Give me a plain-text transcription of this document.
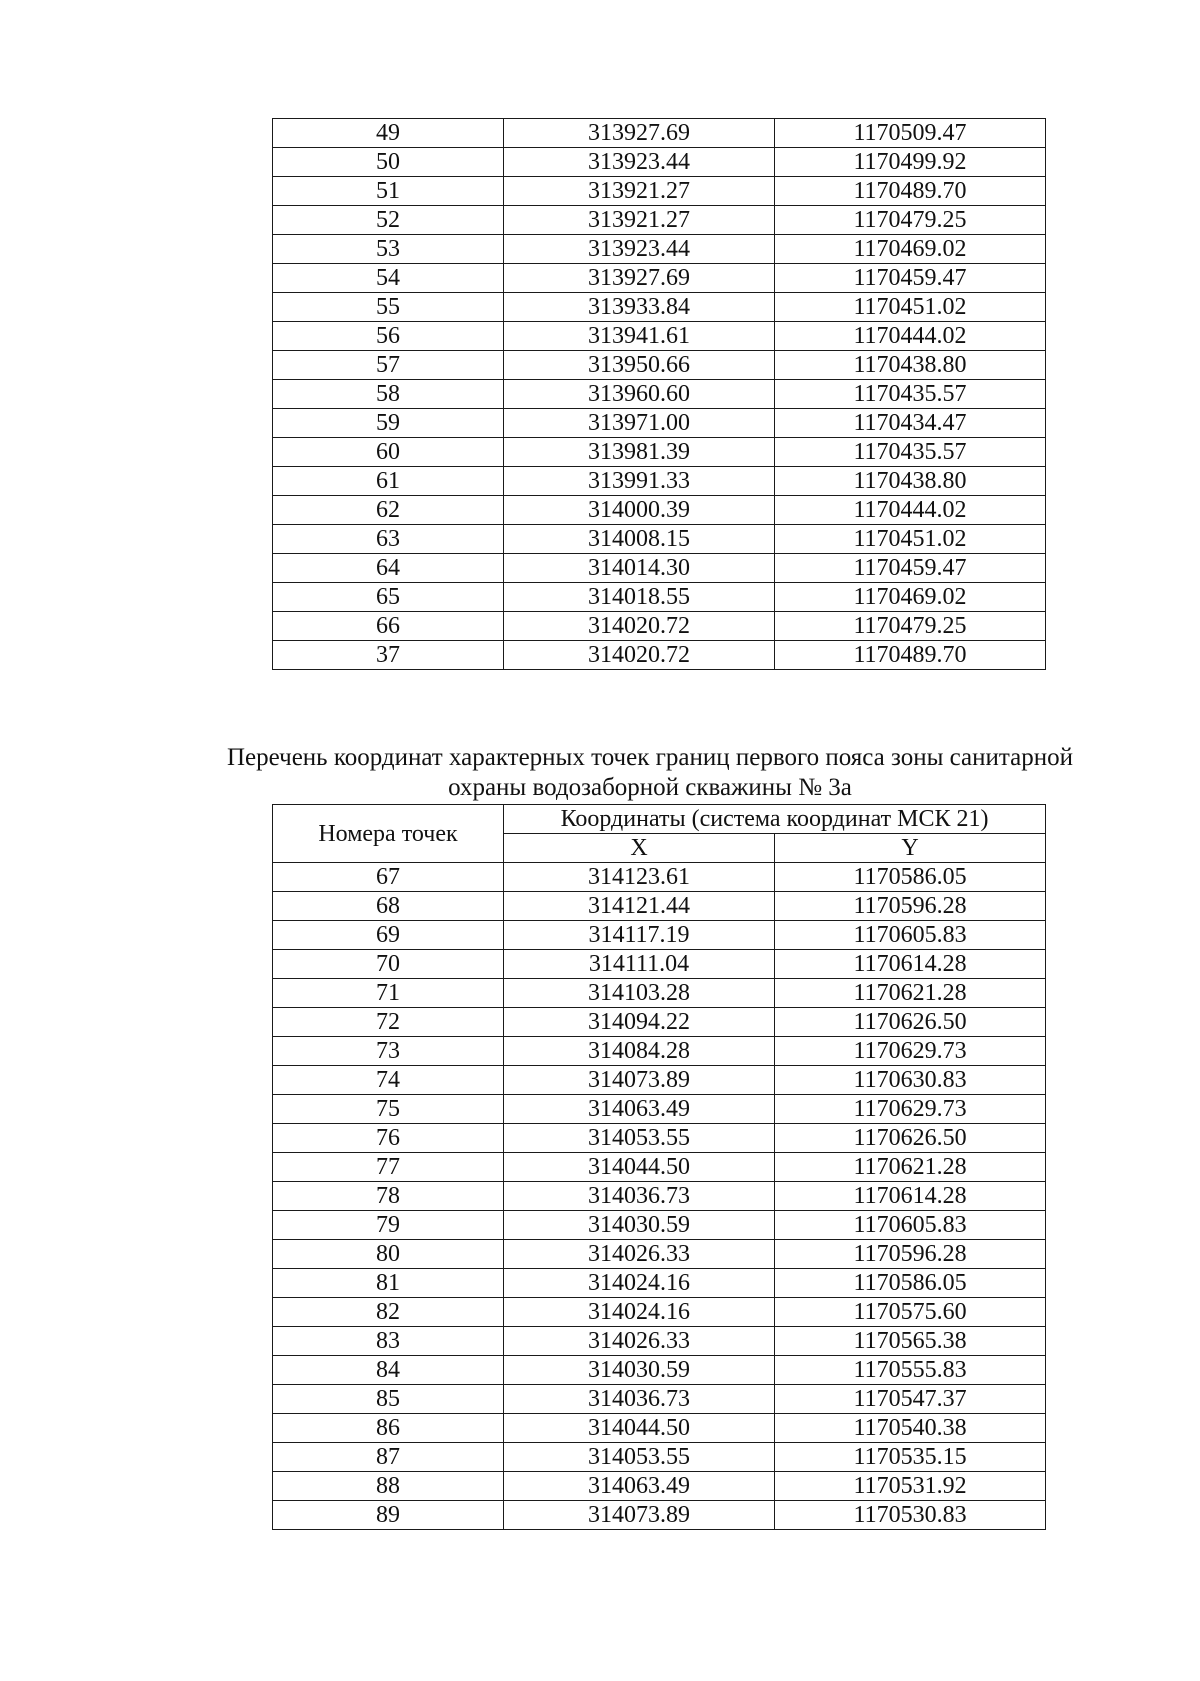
49	313927.69	1170509.47
50	313923.44	1170499.92
51	313921.27	1170489.70
52	313921.27	1170479.25
53	313923.44	1170469.02
54	313927.69	1170459.47
55	313933.84	1170451.02
56	313941.61	1170444.02
57	313950.66	1170438.80
58	313960.60	1170435.57
59	313971.00	1170434.47
60	313981.39	1170435.57
61	313991.33	1170438.80
62	314000.39	1170444.02
63	314008.15	1170451.02
64	314014.30	1170459.47
65	314018.55	1170469.02
66	314020.72	1170479.25
37	314020.72	1170489.70
Перечень координат характерных точек границ первого пояса зоны санитарной
охраны водозаборной скважины № 3а
Номера точек	Координаты (система координат МСК 21)	
	X	Y
67	314123.61	1170586.05
68	314121.44	1170596.28
69	314117.19	1170605.83
70	314111.04	1170614.28
71	314103.28	1170621.28
72	314094.22	1170626.50
73	314084.28	1170629.73
74	314073.89	1170630.83
75	314063.49	1170629.73
76	314053.55	1170626.50
77	314044.50	1170621.28
78	314036.73	1170614.28
79	314030.59	1170605.83
80	314026.33	1170596.28
81	314024.16	1170586.05
82	314024.16	1170575.60
83	314026.33	1170565.38
84	314030.59	1170555.83
85	314036.73	1170547.37
86	314044.50	1170540.38
87	314053.55	1170535.15
88	314063.49	1170531.92
89	314073.89	1170530.83
